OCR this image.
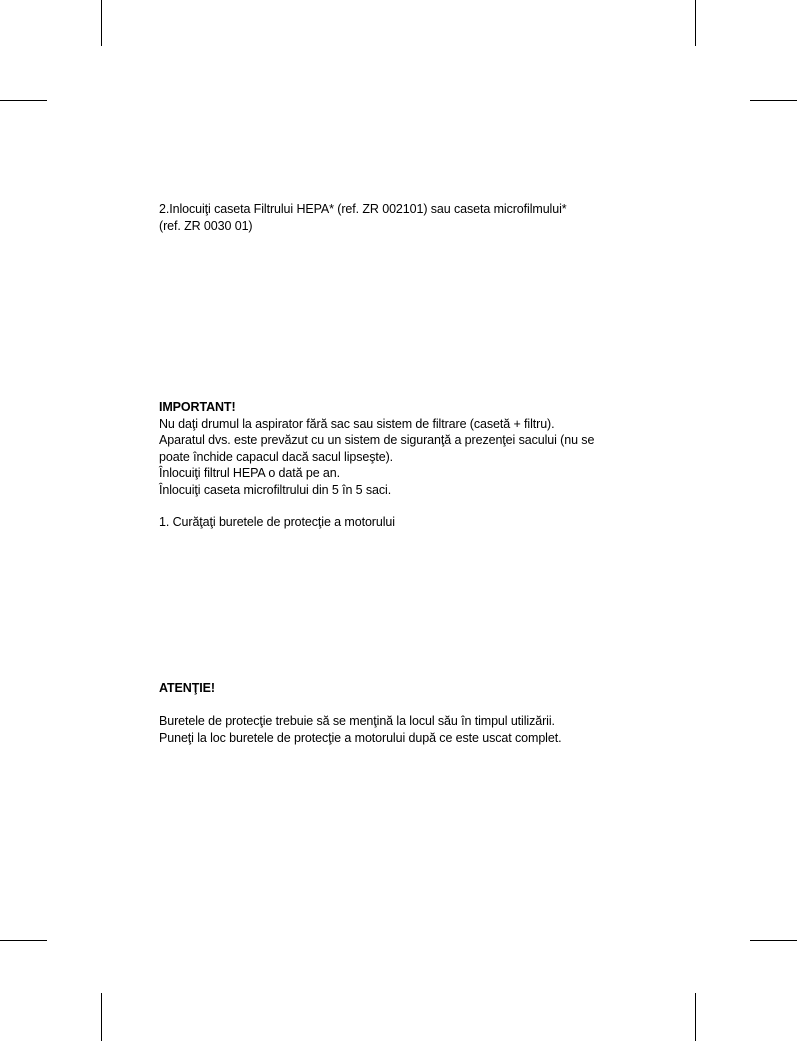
2.Inlocuiţi caseta Filtrului HEPA* (ref. ZR 002101) sau caseta microfilmului*

(ref. ZR 0030 01)

IMPORTANT!

Nu daţi drumul la aspirator fără sac sau sistem de filtrare (casetă + filtru).

Aparatul dvs. este prevăzut cu un sistem de siguranţă a prezenţei sacului (nu se

poate închide capacul dacă sacul lipseşte).

Înlocuiţi filtrul HEPA o dată pe an.

Înlocuiţi caseta microfiltrului din 5 în 5 saci.

1. Curăţaţi buretele de protecţie a motorului

ATENŢIE!

Buretele de protecţie trebuie să se menţină la locul său în timpul utilizării.

Puneţi la loc buretele de protecţie a motorului după ce este uscat complet.
